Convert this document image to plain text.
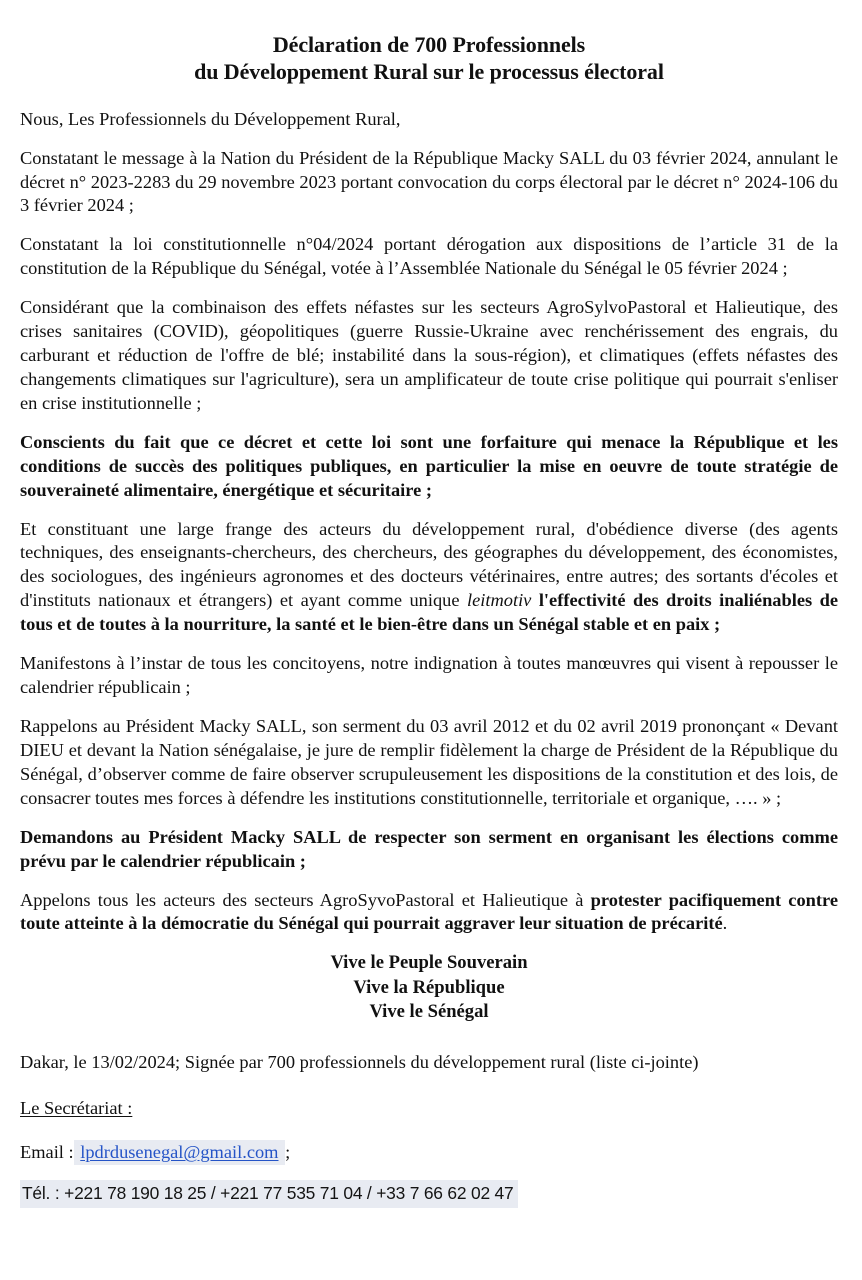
Déclaration de 700 Professionnels
du Développement Rural sur le processus électoral

Nous, Les Professionnels du Développement Rural,

Constatant le message à la Nation du Président de la République Macky SALL du 03 février 2024, annulant le décret n° 2023-2283 du 29 novembre 2023 portant convocation du corps électoral par le décret n° 2024-106 du 3 février 2024 ;

Constatant la loi constitutionnelle n°04/2024 portant dérogation aux dispositions de l’article 31 de la constitution de la République du Sénégal, votée à l’Assemblée Nationale du Sénégal le 05 février 2024 ;

Considérant que la combinaison des effets néfastes sur les secteurs AgroSylvoPastoral et Halieutique, des crises sanitaires (COVID), géopolitiques (guerre Russie-Ukraine avec renchérissement des engrais, du carburant et réduction de l'offre de blé; instabilité dans la sous-région), et climatiques (effets néfastes des changements climatiques sur l'agriculture), sera un amplificateur de toute crise politique qui pourrait s'enliser en crise institutionnelle ;

Conscients du fait que ce décret et cette loi sont une forfaiture qui menace la République et les conditions de succès des politiques publiques, en particulier la mise en oeuvre de toute stratégie de souveraineté alimentaire, énergétique et sécuritaire ;

Et constituant une large frange des acteurs du développement rural, d'obédience diverse (des agents techniques, des enseignants-chercheurs, des chercheurs, des géographes du développement, des économistes, des sociologues, des ingénieurs agronomes et des docteurs vétérinaires, entre autres; des sortants d'écoles et d'instituts nationaux et étrangers) et ayant comme unique leitmotiv l'effectivité des droits inaliénables de tous et de toutes à la nourriture, la santé et le bien-être dans un Sénégal stable et en paix ;

Manifestons à l’instar de tous les concitoyens, notre indignation à toutes manœuvres qui visent à repousser le calendrier républicain ;

Rappelons au Président Macky SALL, son serment du 03 avril 2012 et du 02 avril 2019 prononçant « Devant DIEU et devant la Nation sénégalaise, je jure de remplir fidèlement la charge de Président de la République du Sénégal, d’observer comme de faire observer scrupuleusement les dispositions de la constitution et des lois, de consacrer toutes mes forces à défendre les institutions constitutionnelle, territoriale et organique, …. » ;

Demandons au Président Macky SALL de respecter son serment en organisant les élections comme prévu par le calendrier républicain ;

Appelons tous les acteurs des secteurs AgroSyvoPastoral et Halieutique à protester pacifiquement contre toute atteinte à la démocratie du Sénégal qui pourrait aggraver leur situation de précarité.

Vive le Peuple Souverain
Vive la République
Vive le Sénégal

Dakar, le 13/02/2024; Signée par 700 professionnels du développement rural (liste ci-jointe)

Le Secrétariat :

Email : lpdrdusenegal@gmail.com ;

Tél. : +221 78 190 18 25 / +221 77 535 71 04 / +33 7 66 62 02 47
